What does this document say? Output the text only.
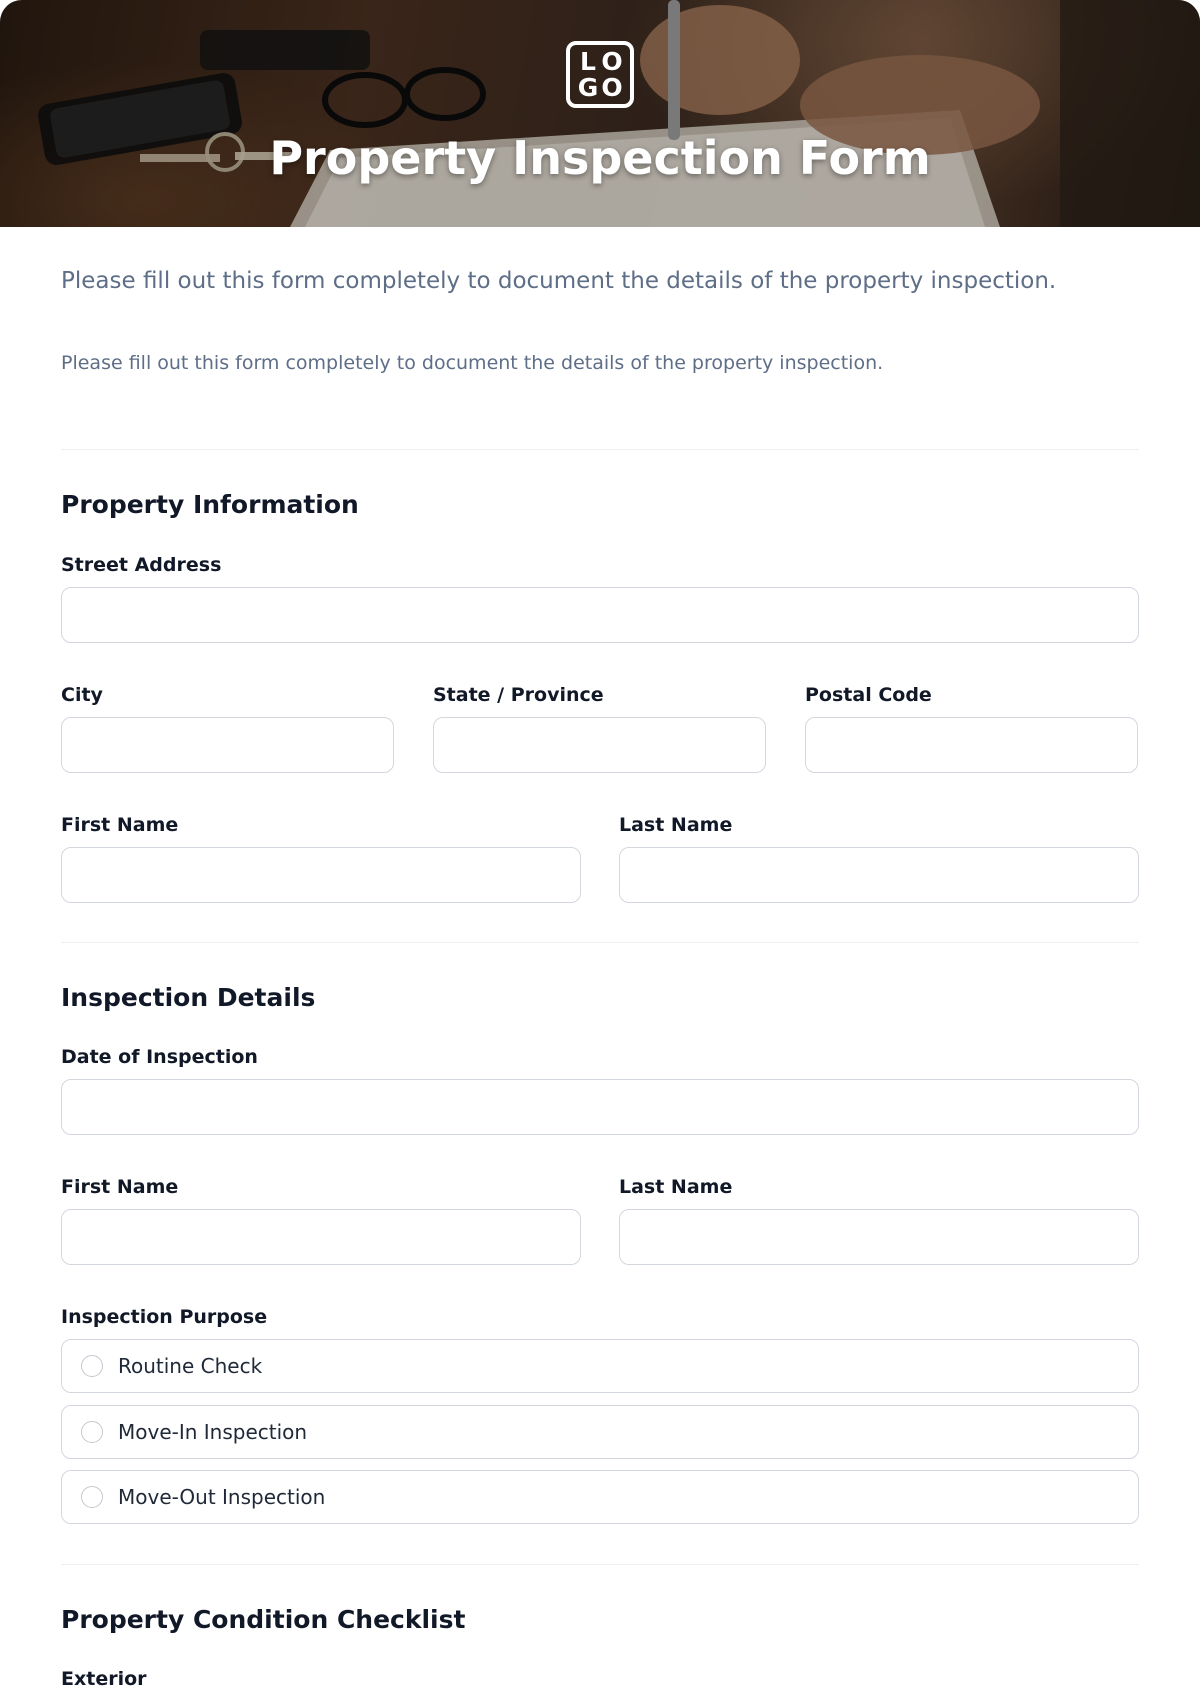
L O
G O
Property Inspection Form
Please fill out this form completely to document the details of the property inspection.
Please fill out this form completely to document the details of the property inspection.
Property Information
Street Address
City	State / Province	Postal Code
First Name	Last Name
Inspection Details
Date of Inspection
First Name	Last Name
Inspection Purpose
Routine Check
Move-In Inspection
Move-Out Inspection
Property Condition Checklist
Exterior
